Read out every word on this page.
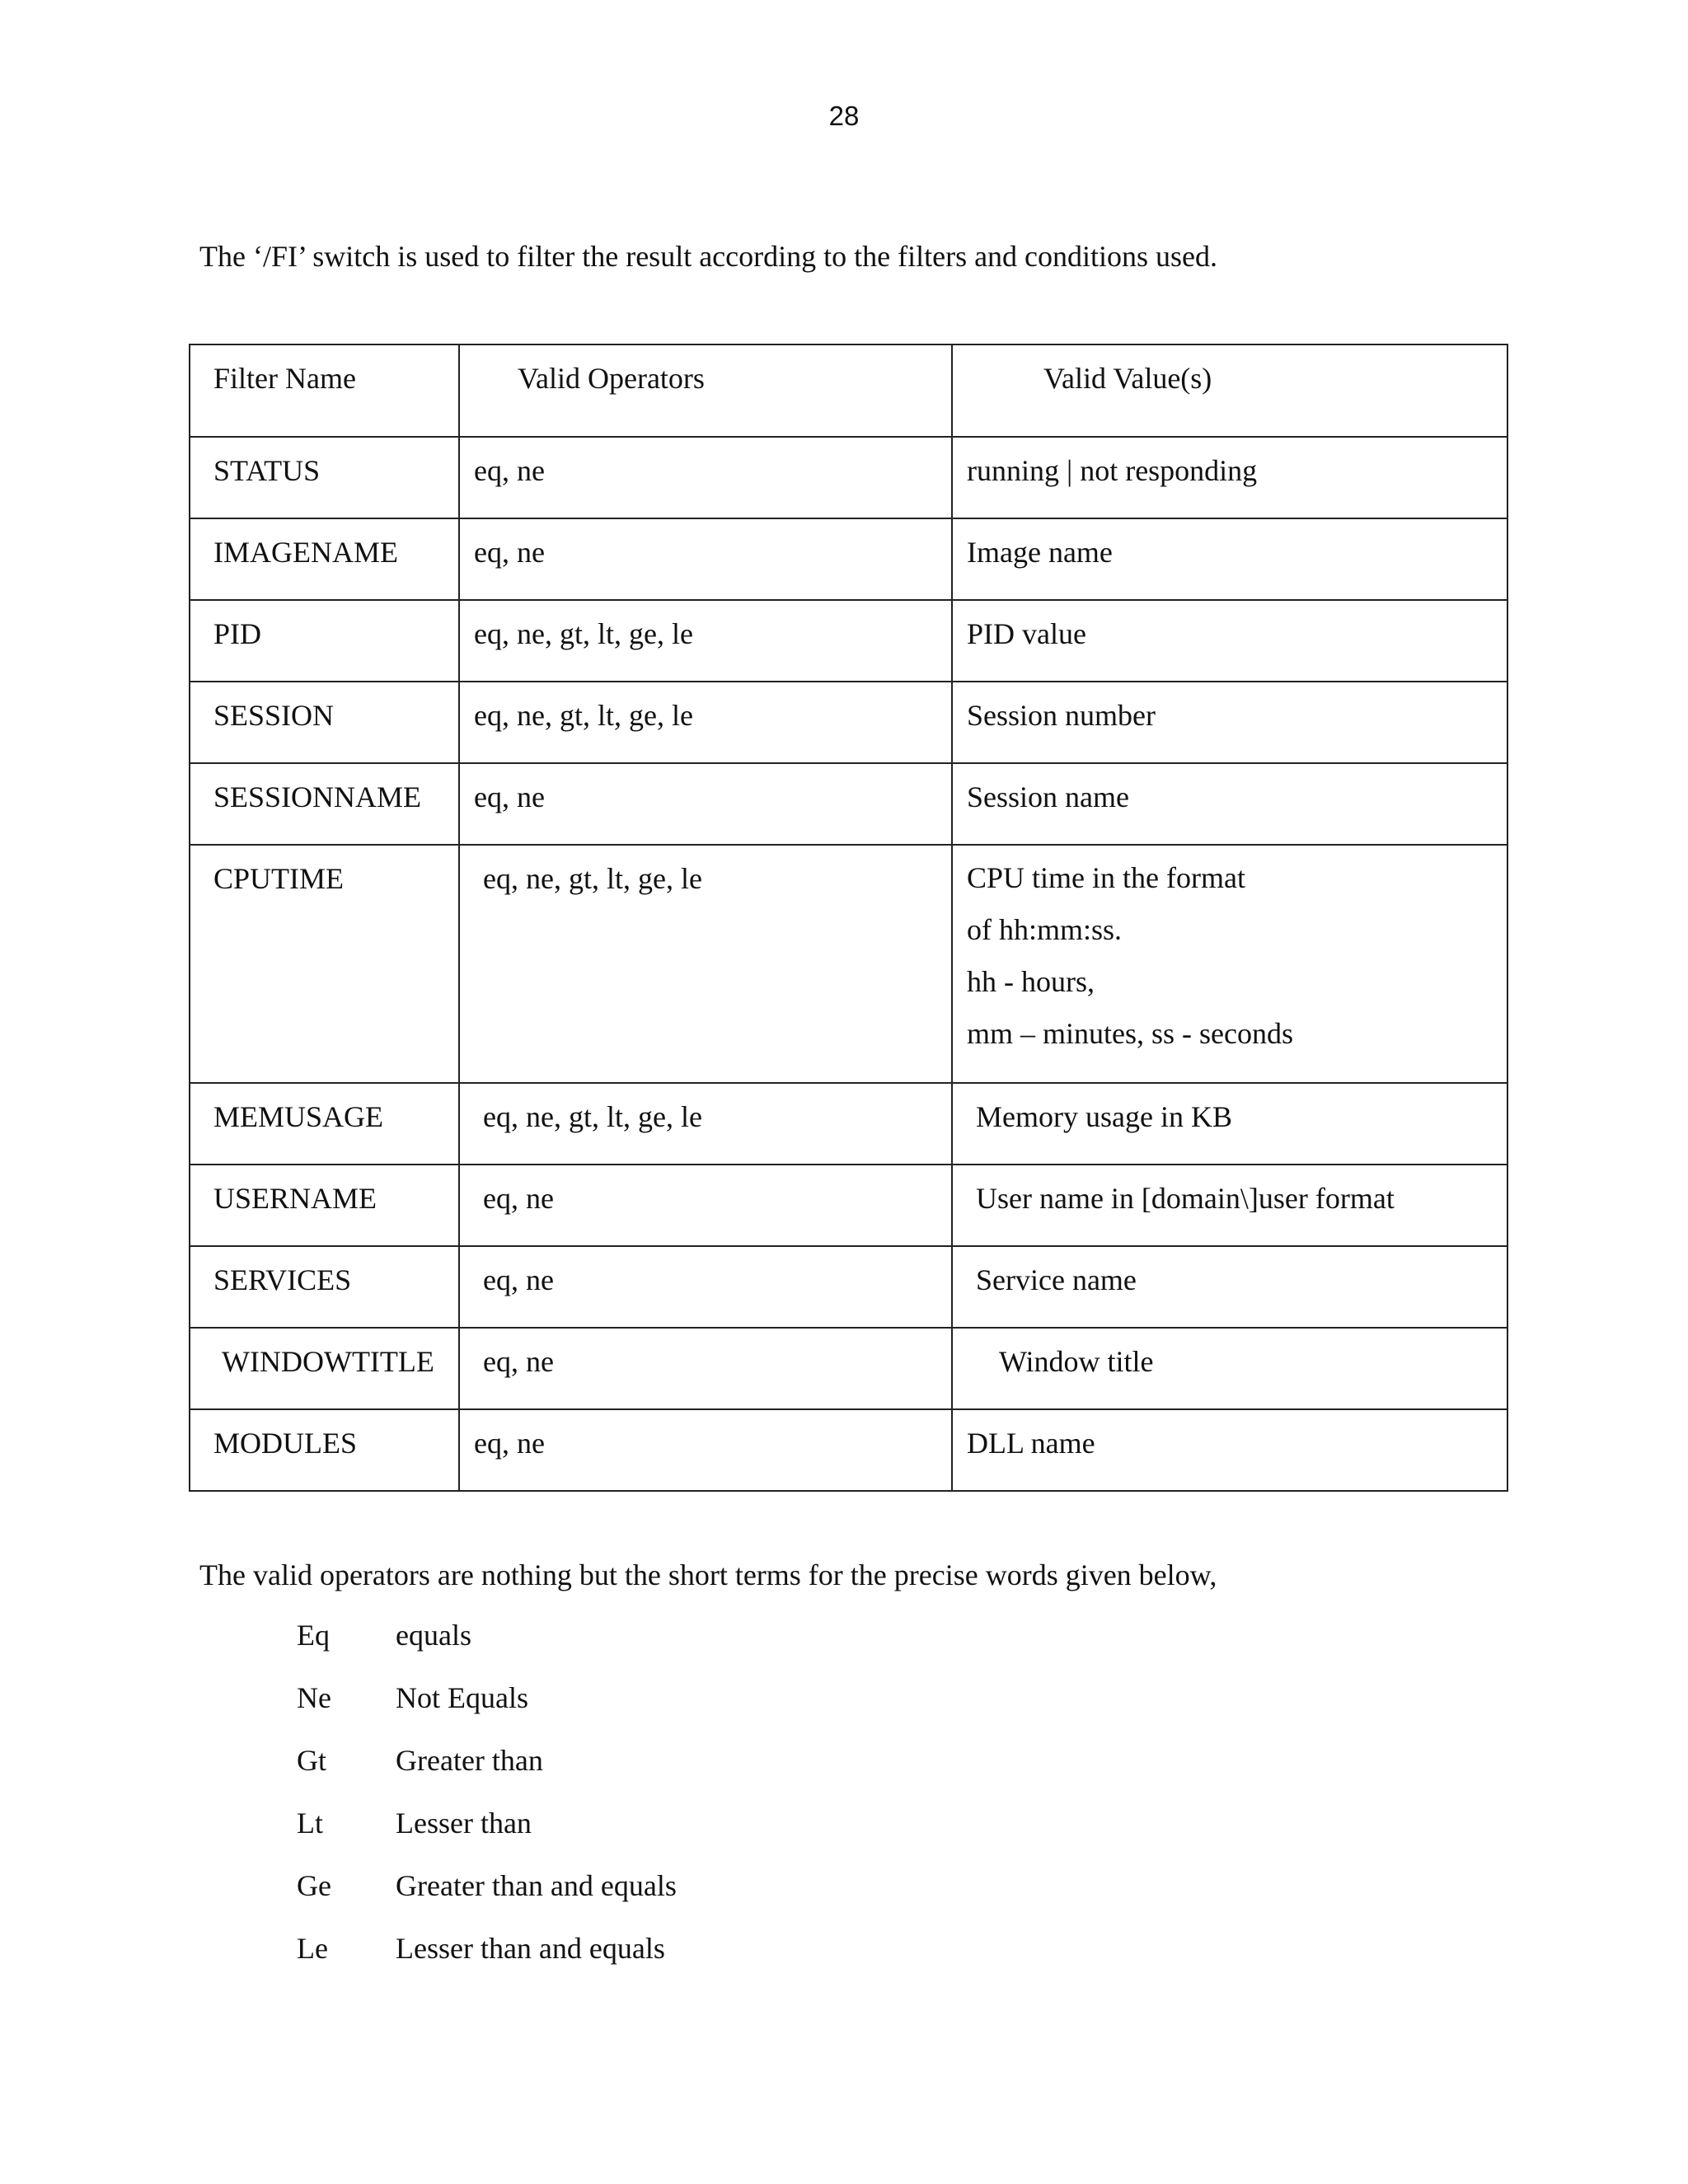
28
The ‘/FI’ switch is used to filter the result according to the filters and conditions used.
Filter Name	Valid Operators	Valid Value(s)

STATUS	eq, ne	running | not responding

IMAGENAME	eq, ne	Image name

PID	eq, ne, gt, lt, ge, le	PID value

SESSION	eq, ne, gt, lt, ge, le	Session number

SESSIONNAME	eq, ne	Session name

CPUTIME	eq, ne, gt, lt, ge, le	CPU time in the format
of hh:mm:ss.
hh - hours,
mm – minutes, ss - seconds

MEMUSAGE	eq, ne, gt, lt, ge, le	Memory usage in KB

USERNAME	eq, ne	User name in [domain\]user format

SERVICES	eq, ne	Service name

WINDOWTITLE	eq, ne	Window title

MODULES	eq, ne	DLL name
The valid operators are nothing but the short terms for the precise words given below,
Eq	equals
Ne	Not Equals
Gt	Greater than
Lt	Lesser than
Ge	Greater than and equals
Le	Lesser than and equals
